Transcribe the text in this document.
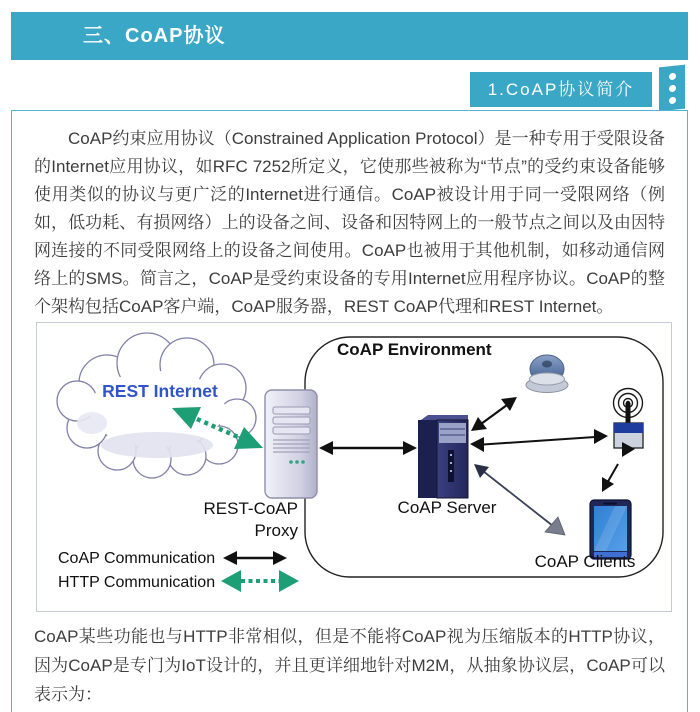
三、CoAP协议
1.CoAP协议简介

CoAP约束应用协议（Constrained Application Protocol）是一种专用于受限设备的Internet应用协议，如RFC 7252所定义，它使那些被称为“节点”的受约束设备能够使用类似的协议与更广泛的Internet进行通信。CoAP被设计用于同一受限网络（例如，低功耗、有损网络）上的设备之间、设备和因特网上的一般节点之间以及由因特网连接的不同受限网络上的设备之间使用。CoAP也被用于其他机制，如移动通信网络上的SMS。简言之，CoAP是受约束设备的专用Internet应用程序协议。CoAP的整个架构包括CoAP客户端，CoAP服务器，REST CoAP代理和REST Internet。

CoAP Environment
REST Internet
REST-CoAP
Proxy
CoAP Server
CoAP Clients
CoAP Communication
HTTP Communication

CoAP某些功能也与HTTP非常相似，但是不能将CoAP视为压缩版本的HTTP协议，因为CoAP是专门为IoT设计的，并且更详细地针对M2M，从抽象协议层，CoAP可以表示为：
